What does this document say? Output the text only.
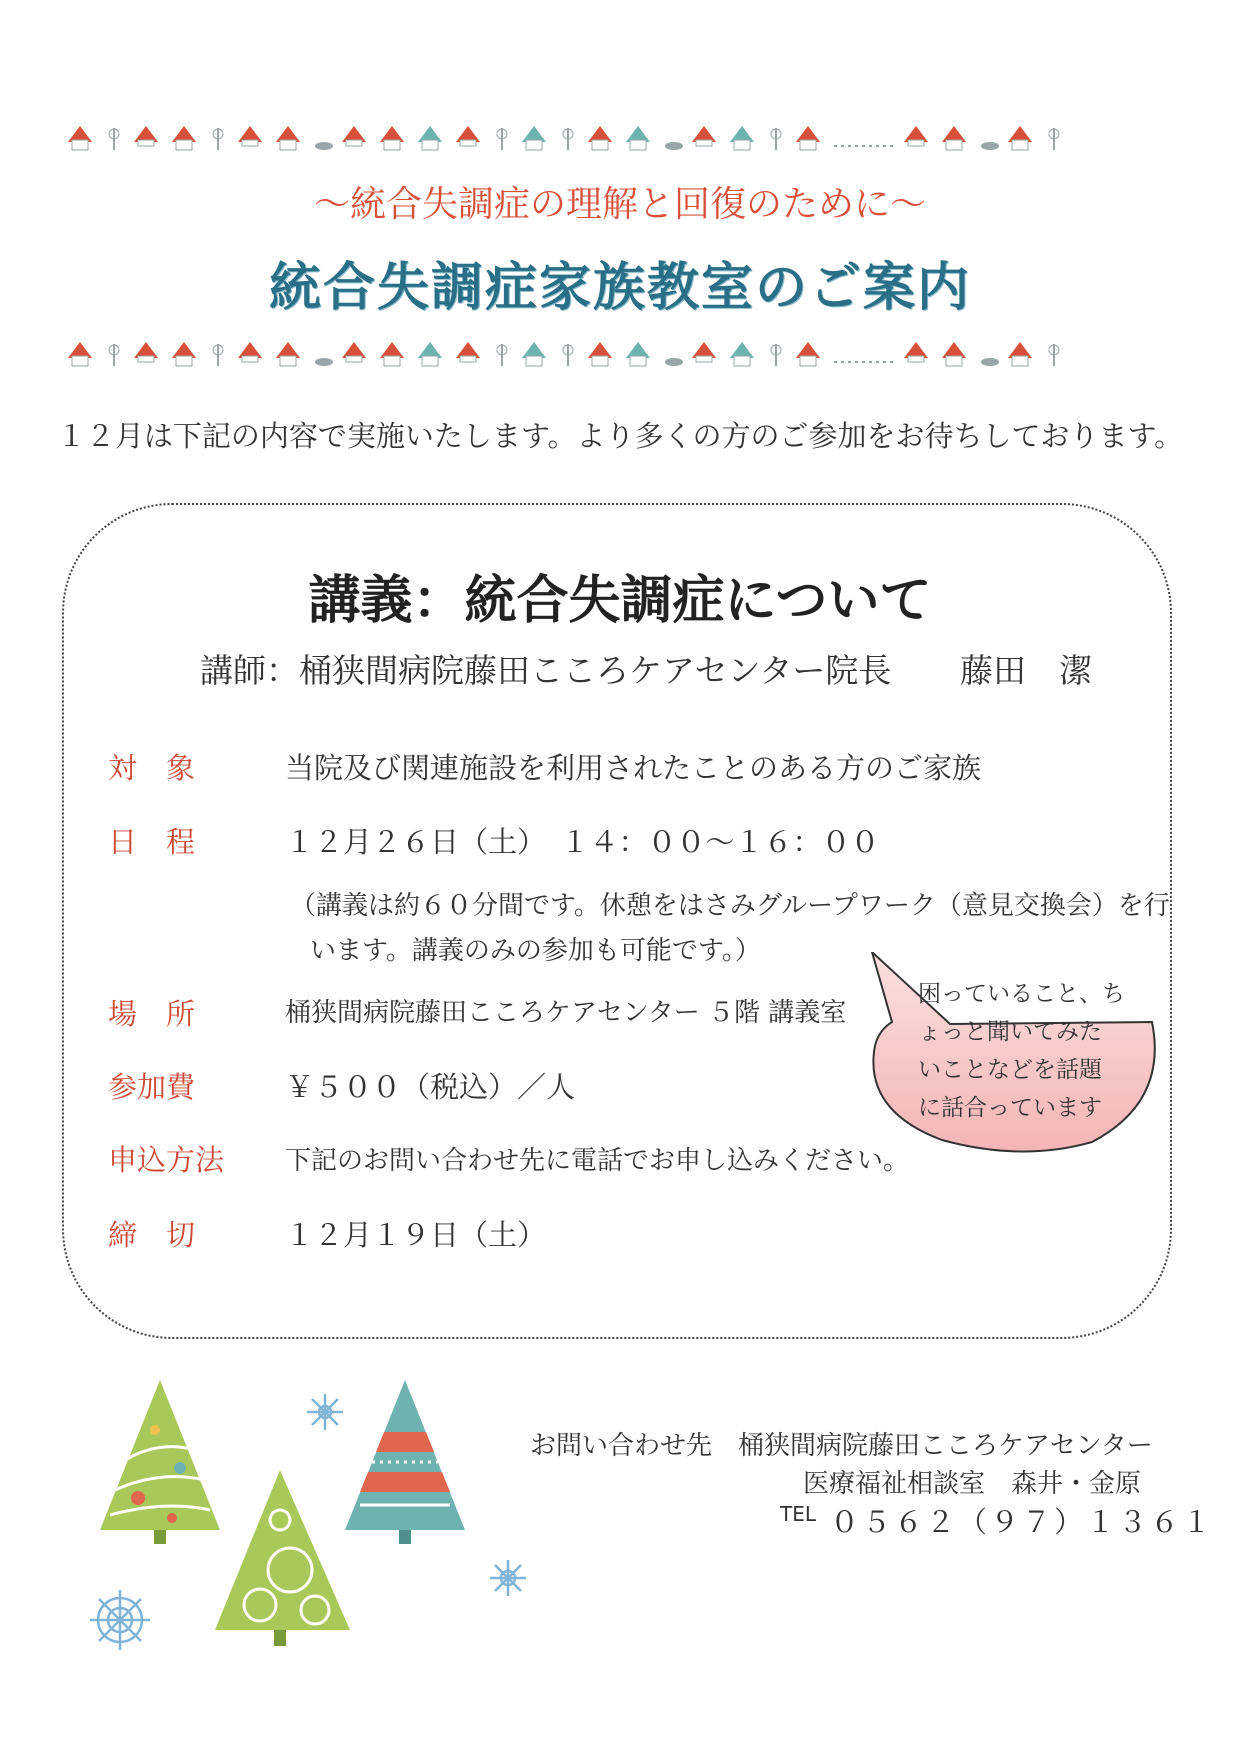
～統合失調症の理解と回復のために～
統合失調症家族教室のご案内
１２月は下記の内容で実施いたします。より多くの方のご参加をお待ちしております。
講義：統合失調症について
講師：桶狭間病院藤田こころケアセンター院長 藤田　潔
対　象	当院及び関連施設を利用されたことのある方のご家族
日　程	１２月２６日（土）　１４：００～１６：００
（講義は約６０分間です。休憩をはさみグループワーク（意見交換会）を行
います。講義のみの参加も可能です。）
場　所	桶狭間病院藤田こころケアセンター ５階 講義室
参加費	￥５００（税込）／人
申込方法 下記のお問い合わせ先に電話でお申し込みください。
締　切	１２月１９日（土）
困っていること、ち
ょっと聞いてみた
いことなどを話題
に話合っています
お問い合わせ先　桶狭間病院藤田こころケアセンター
医療福祉相談室　森井・金原
TEL ０５６２（９７）１３６１
